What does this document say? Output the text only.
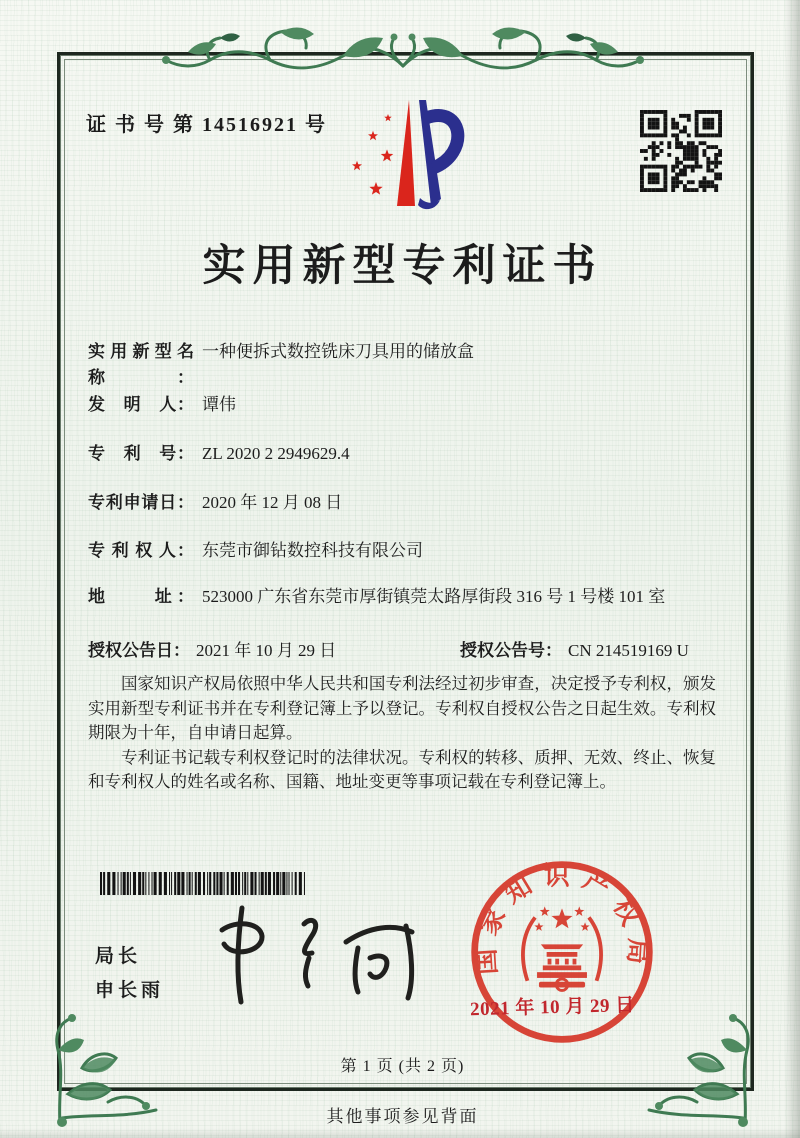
证 书 号 第 14516921 号
实用新型专利证书
实用新型名称：一种便拆式数控铣床刀具用的储放盒
发　明　人： 谭伟
专　利　号： ZL 2020 2 2949629.4
专利申请日： 2020 年 12 月 08 日
专 利 权 人： 东莞市御钻数控科技有限公司
地　　址： 523000 广东省东莞市厚街镇莞太路厚街段 316 号 1 号楼 101 室
授权公告日： 2021 年 10 月 29 日	授权公告号： CN 214519169 U

国家知识产权局依照中华人民共和国专利法经过初步审查，决定授予专利权，颁发实用新型专利证书并在专利登记簿上予以登记。专利权自授权公告之日起生效。专利权期限为十年，自申请日起算。

专利证书记载专利权登记时的法律状况。专利权的转移、质押、无效、终止、恢复和专利权人的姓名或名称、国籍、地址变更等事项记载在专利登记簿上。

局长
申长雨
国家知识产权局
2021 年 10 月 29 日
第 1 页 (共 2 页)
其他事项参见背面
